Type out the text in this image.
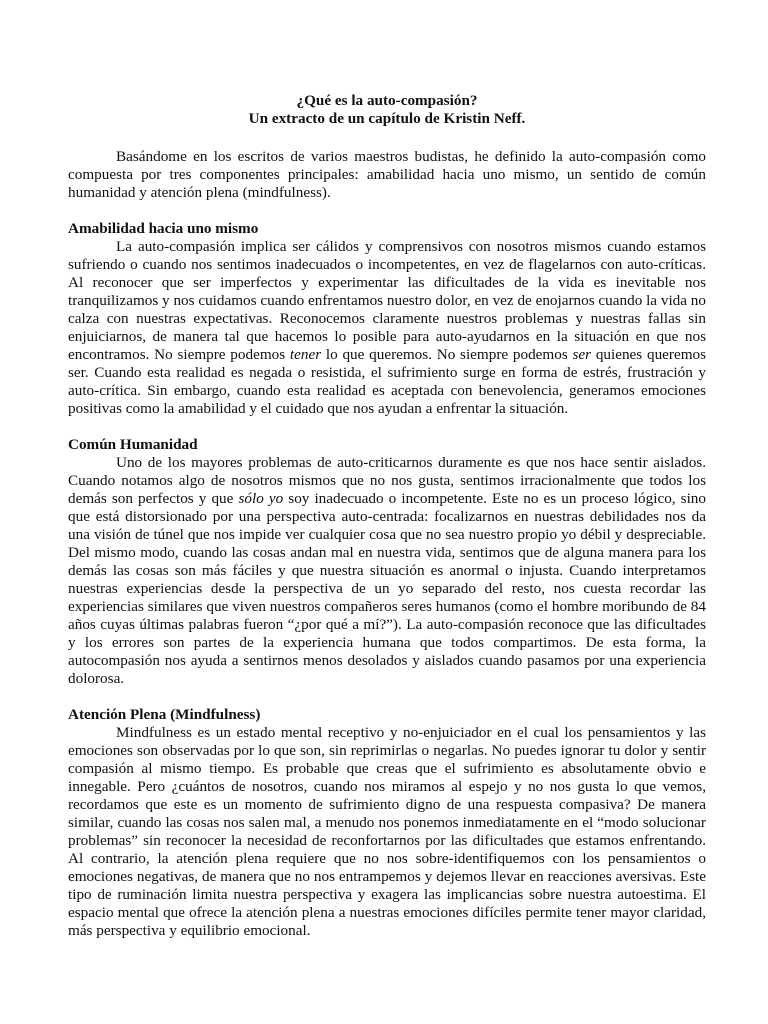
¿Qué es la auto-compasión?

Un extracto de un capítulo de Kristin Neff.

Basándome en los escritos de varios maestros budistas, he definido la auto-compasión como compuesta por tres componentes principales: amabilidad hacia uno mismo, un sentido de común humanidad y atención plena (mindfulness).

Amabilidad hacia uno mismo

La auto-compasión implica ser cálidos y comprensivos con nosotros mismos cuando estamos sufriendo o cuando nos sentimos inadecuados o incompetentes, en vez de flagelarnos con auto-críticas. Al reconocer que ser imperfectos y experimentar las dificultades de la vida es inevitable nos tranquilizamos y nos cuidamos cuando enfrentamos nuestro dolor, en vez de enojarnos cuando la vida no calza con nuestras expectativas. Reconocemos claramente nuestros problemas y nuestras fallas sin enjuiciarnos, de manera tal que hacemos lo posible para auto-ayudarnos en la situación en que nos encontramos. No siempre podemos tener lo que queremos. No siempre podemos ser quienes queremos ser. Cuando esta realidad es negada o resistida, el sufrimiento surge en forma de estrés, frustración y auto-crítica. Sin embargo, cuando esta realidad es aceptada con benevolencia, generamos emociones positivas como la amabilidad y el cuidado que nos ayudan a enfrentar la situación.

Común Humanidad

Uno de los mayores problemas de auto-criticarnos duramente es que nos hace sentir aislados. Cuando notamos algo de nosotros mismos que no nos gusta, sentimos irracionalmente que todos los demás son perfectos y que sólo yo soy inadecuado o incompetente. Este no es un proceso lógico, sino que está distorsionado por una perspectiva auto-centrada: focalizarnos en nuestras debilidades nos da una visión de túnel que nos impide ver cualquier cosa que no sea nuestro propio yo débil y despreciable. Del mismo modo, cuando las cosas andan mal en nuestra vida, sentimos que de alguna manera para los demás las cosas son más fáciles y que nuestra situación es anormal o injusta. Cuando interpretamos nuestras experiencias desde la perspectiva de un yo separado del resto, nos cuesta recordar las experiencias similares que viven nuestros compañeros seres humanos (como el hombre moribundo de 84 años cuyas últimas palabras fueron “¿por qué a mí?”). La auto-compasión reconoce que las dificultades y los errores son partes de la experiencia humana que todos compartimos. De esta forma, la autocompasión nos ayuda a sentirnos menos desolados y aislados cuando pasamos por una experiencia dolorosa.

Atención Plena (Mindfulness)

Mindfulness es un estado mental receptivo y no-enjuiciador en el cual los pensamientos y las emociones son observadas por lo que son, sin reprimirlas o negarlas. No puedes ignorar tu dolor y sentir compasión al mismo tiempo. Es probable que creas que el sufrimiento es absolutamente obvio e innegable. Pero ¿cuántos de nosotros, cuando nos miramos al espejo y no nos gusta lo que vemos, recordamos que este es un momento de sufrimiento digno de una respuesta compasiva? De manera similar, cuando las cosas nos salen mal, a menudo nos ponemos inmediatamente en el “modo solucionar problemas” sin reconocer la necesidad de reconfortarnos por las dificultades que estamos enfrentando. Al contrario, la atención plena requiere que no nos sobre-identifiquemos con los pensamientos o emociones negativas, de manera que no nos entrampemos y dejemos llevar en reacciones aversivas. Este tipo de ruminación limita nuestra perspectiva y exagera las implicancias sobre nuestra autoestima. El espacio mental que ofrece la atención plena a nuestras emociones difíciles permite tener mayor claridad, más perspectiva y equilibrio emocional.
